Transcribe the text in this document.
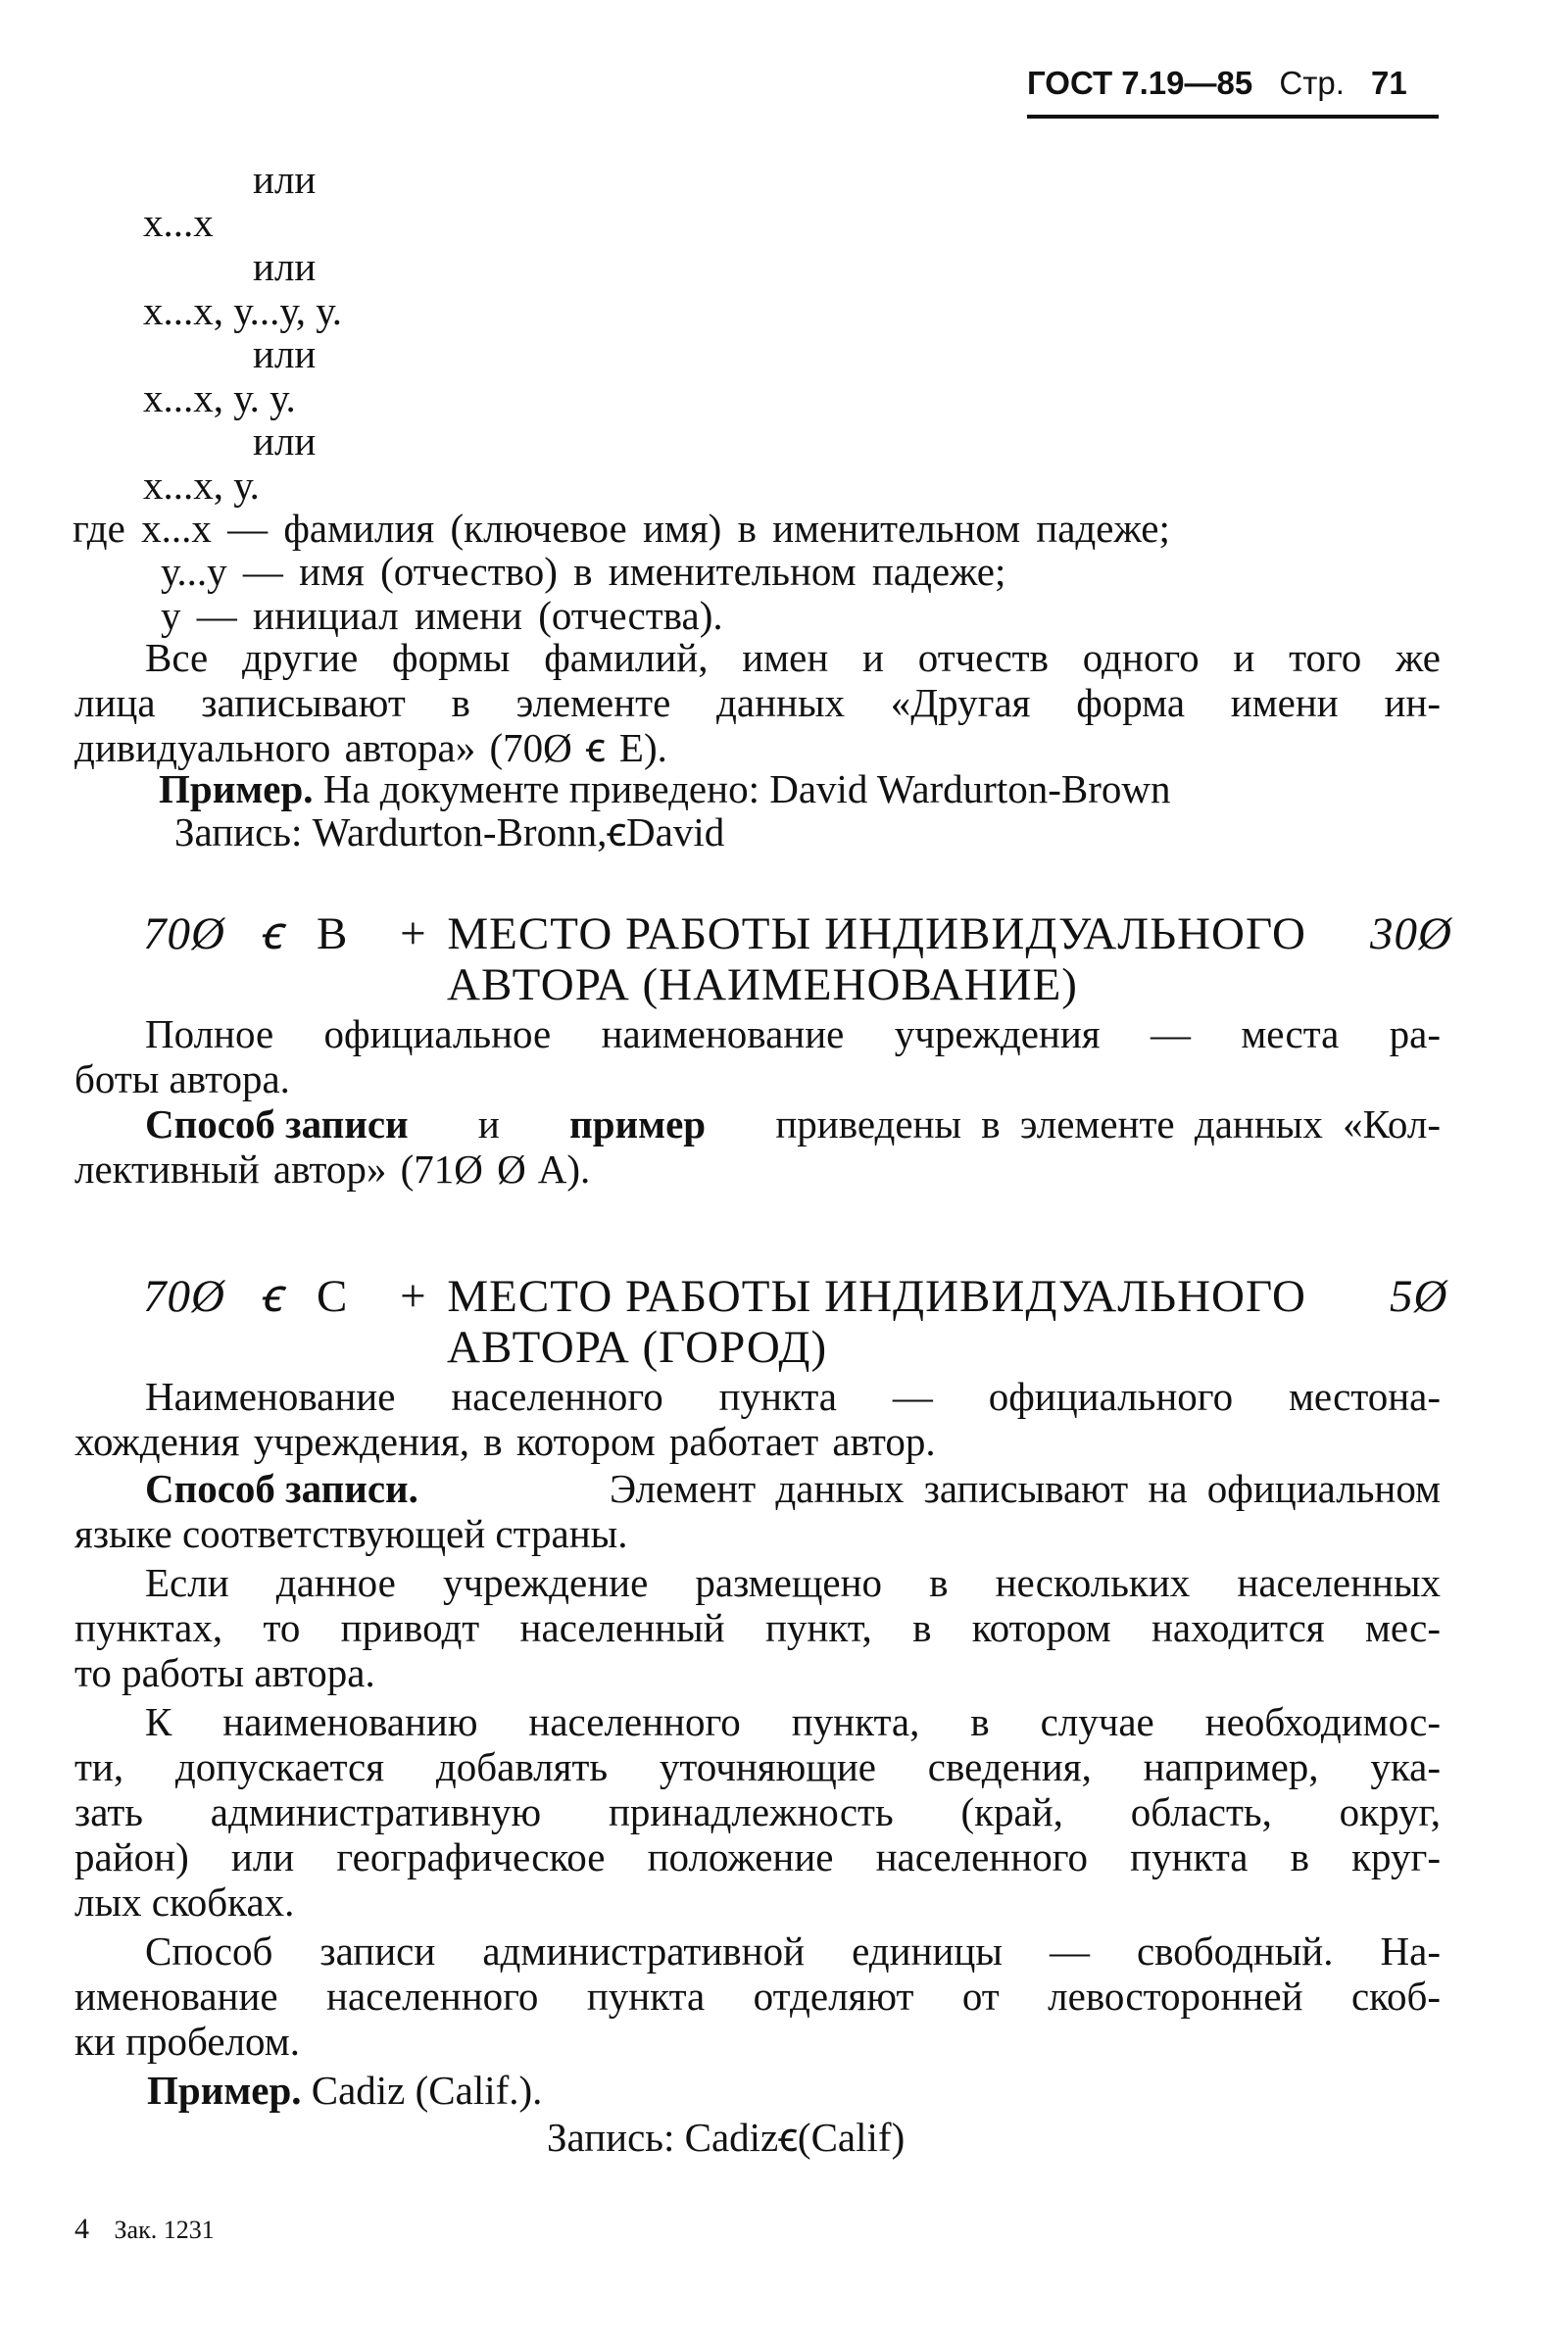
ГОСТ 7.19—85 Стр. 71
или
х...х
или
х...х, у...у, у.
или
х...х, у. у.
или
х...х, у.
где х...х — фамилия (ключевое имя) в именительном падеже;
у...у — имя (отчество) в именительном падеже;
у — инициал имени (отчества).
Все другие формы фамилий, имен и отчеств одного и того же
лица записывают в элементе данных «Другая форма имени ин-
дивидуального автора» (70Ø ꞓ E).
Пример. На документе приведено: David Wardurton-Brown
Запись: Wardurton-Bronn,ꞓDavid
70Ø ꞓ B + МЕСТО РАБОТЫ ИНДИВИДУАЛЬНОГО 30Ø
АВТОРА (НАИМЕНОВАНИЕ)
Полное официальное наименование учреждения — места ра-
боты автора.
Способ записи и пример приведены в элементе данных «Кол-
лективный автор» (71Ø Ø A).
70Ø ꞓ C + МЕСТО РАБОТЫ ИНДИВИДУАЛЬНОГО 5Ø
АВТОРА (ГОРОД)
Наименование населенного пункта — официального местона-
хождения учреждения, в котором работает автор.
Способ записи.	Элемент данных записывают на официальном
языке соответствующей страны.
Если данное учреждение размещено в нескольких населенных
пунктах, то приводт населенный пункт, в котором находится мес-
то работы автора.
К наименованию населенного пункта, в случае необходимос-
ти, допускается добавлять уточняющие сведения, например, ука-
зать административную принадлежность (край, область, округ,
район) или географическое положение населенного пункта в круг-
лых скобках.
Способ записи административной единицы — свободный. На-
именование населенного пункта отделяют от левосторонней скоб-
ки пробелом.
Пример. Cadiz (Calif.).
Запись: Cadizꞓ(Calif)
4 Зак. 1231
